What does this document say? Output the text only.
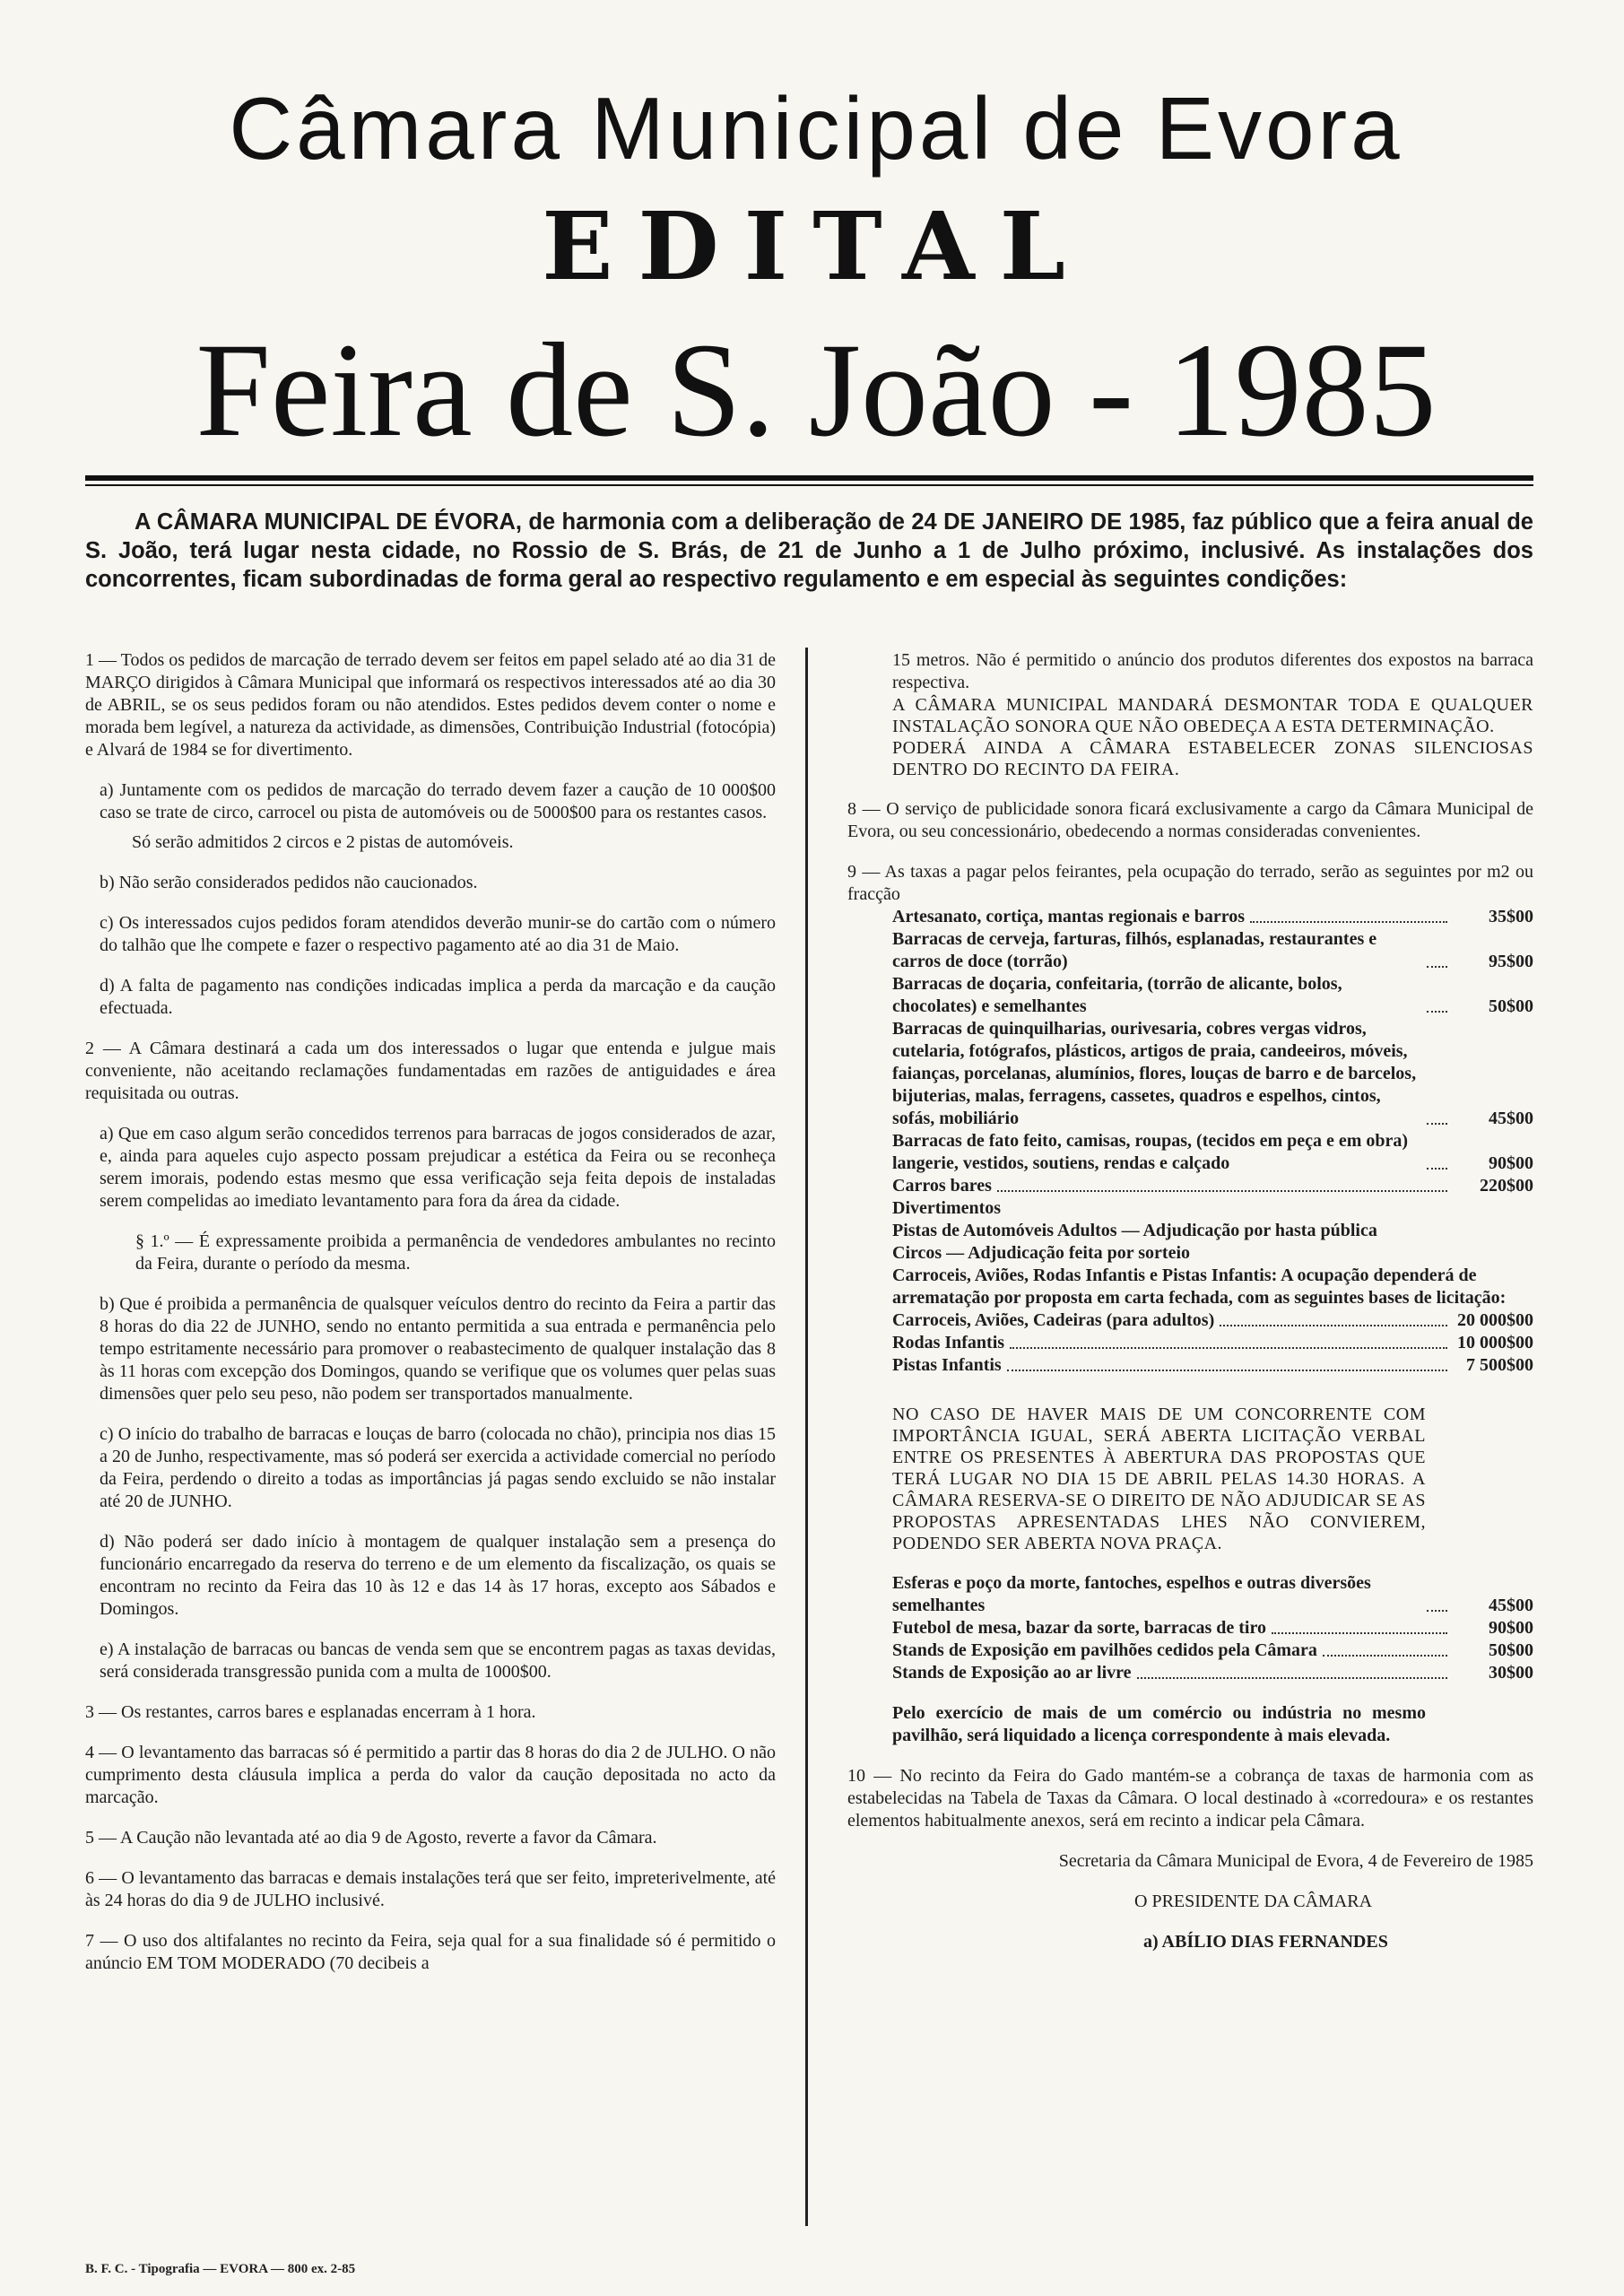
Câmara Municipal de Evora
EDITAL
Feira de S. João - 1985
A CÂMARA MUNICIPAL DE ÉVORA, de harmonia com a deliberação de 24 DE JANEIRO DE 1985, faz público que a feira anual de S. João, terá lugar nesta cidade, no Rossio de S. Brás, de 21 de Junho a 1 de Julho próximo, inclusivé. As instalações dos concorrentes, ficam subordinadas de forma geral ao respectivo regulamento e em especial às seguintes condições:
1 — Todos os pedidos de marcação de terrado devem ser feitos em papel selado até ao dia 31 de MARÇO dirigidos à Câmara Municipal que informará os respectivos interessados até ao dia 30 de ABRIL, se os seus pedidos foram ou não atendidos. Estes pedidos devem conter o nome e morada bem legível, a natureza da actividade, as dimensões, Contribuição Industrial (fotocópia) e Alvará de 1984 se for divertimento.
a) Juntamente com os pedidos de marcação do terrado devem fazer a caução de 10 000$00 caso se trate de circo, carrocel ou pista de automóveis ou de 5000$00 para os restantes casos.
Só serão admitidos 2 circos e 2 pistas de automóveis.
b) Não serão considerados pedidos não caucionados.
c) Os interessados cujos pedidos foram atendidos deverão munir-se do cartão com o número do talhão que lhe compete e fazer o respectivo pagamento até ao dia 31 de Maio.
d) A falta de pagamento nas condições indicadas implica a perda da marcação e da caução efectuada.
2 — A Câmara destinará a cada um dos interessados o lugar que entenda e julgue mais conveniente, não aceitando reclamações fundamentadas em razões de antiguidades e área requisitada ou outras.
a) Que em caso algum serão concedidos terrenos para barracas de jogos considerados de azar, e, ainda para aqueles cujo aspecto possam prejudicar a estética da Feira ou se reconheça serem imorais, podendo estas mesmo que essa verificação seja feita depois de instaladas serem compelidas ao imediato levantamento para fora da área da cidade.
§ 1.º — É expressamente proibida a permanência de vendedores ambulantes no recinto da Feira, durante o período da mesma.
b) Que é proibida a permanência de qualsquer veículos dentro do recinto da Feira a partir das 8 horas do dia 22 de JUNHO, sendo no entanto permitida a sua entrada e permanência pelo tempo estritamente necessário para promover o reabastecimento de qualquer instalação das 8 às 11 horas com excepção dos Domingos, quando se verifique que os volumes quer pelas suas dimensões quer pelo seu peso, não podem ser transportados manualmente.
c) O início do trabalho de barracas e louças de barro (colocada no chão), principia nos dias 15 a 20 de Junho, respectivamente, mas só poderá ser exercida a actividade comercial no período da Feira, perdendo o direito a todas as importâncias já pagas sendo excluido se não instalar até 20 de JUNHO.
d) Não poderá ser dado início à montagem de qualquer instalação sem a presença do funcionário encarregado da reserva do terreno e de um elemento da fiscalização, os quais se encontram no recinto da Feira das 10 às 12 e das 14 às 17 horas, excepto aos Sábados e Domingos.
e) A instalação de barracas ou bancas de venda sem que se encontrem pagas as taxas devidas, será considerada transgressão punida com a multa de 1000$00.
3 — Os restantes, carros bares e esplanadas encerram à 1 hora.
4 — O levantamento das barracas só é permitido a partir das 8 horas do dia 2 de JULHO. O não cumprimento desta cláusula implica a perda do valor da caução depositada no acto da marcação.
5 — A Caução não levantada até ao dia 9 de Agosto, reverte a favor da Câmara.
6 — O levantamento das barracas e demais instalações terá que ser feito, impreterivelmente, até às 24 horas do dia 9 de JULHO inclusivé.
7 — O uso dos altifalantes no recinto da Feira, seja qual for a sua finalidade só é permitido o anúncio EM TOM MODERADO (70 decibeis a
15 metros. Não é permitido o anúncio dos produtos diferentes dos expostos na barraca respectiva.
A CÂMARA MUNICIPAL MANDARÁ DESMONTAR TODA E QUALQUER INSTALAÇÃO SONORA QUE NÃO OBEDEÇA A ESTA DETERMINAÇÃO.
PODERÁ AINDA A CÂMARA ESTABELECER ZONAS SILENCIOSAS DENTRO DO RECINTO DA FEIRA.
8 — O serviço de publicidade sonora ficará exclusivamente a cargo da Câmara Municipal de Evora, ou seu concessionário, obedecendo a normas consideradas convenientes.
9 — As taxas a pagar pelos feirantes, pela ocupação do terrado, serão as seguintes por m2 ou fracção
Artesanato, cortiça, mantas regionais e barros	35$00
Barracas de cerveja, farturas, filhós, esplanadas, restaurantes e carros de doce (torrão)	95$00
Barracas de doçaria, confeitaria, (torrão de alicante, bolos, chocolates) e semelhantes	50$00
Barracas de quinquilharias, ourivesaria, cobres vergas vidros, cutelaria, fotógrafos, plásticos, artigos de praia, candeeiros, móveis, faianças, porcelanas, alumínios, flores, louças de barro e de barcelos, bijuterias, malas, ferragens, cassetes, quadros e espelhos, cintos, sofás, mobiliário	45$00
Barracas de fato feito, camisas, roupas, (tecidos em peça e em obra) langerie, vestidos, soutiens, rendas e calçado	90$00
Carros bares	220$00
Divertimentos
Pistas de Automóveis Adultos — Adjudicação por hasta pública
Circos — Adjudicação feita por sorteio
Carroceis, Aviões, Rodas Infantis e Pistas Infantis: A ocupação dependerá de arrematação por proposta em carta fechada, com as seguintes bases de licitação:
Carroceis, Aviões, Cadeiras (para adultos)	20 000$00
Rodas Infantis	10 000$00
Pistas Infantis	7 500$00
NO CASO DE HAVER MAIS DE UM CONCORRENTE COM IMPORTÂNCIA IGUAL, SERÁ ABERTA LICITAÇÃO VERBAL ENTRE OS PRESENTES À ABERTURA DAS PROPOSTAS QUE TERÁ LUGAR NO DIA 15 DE ABRIL PELAS 14.30 HORAS. A CÂMARA RESERVA-SE O DIREITO DE NÃO ADJUDICAR SE AS PROPOSTAS APRESENTADAS LHES NÃO CONVIEREM, PODENDO SER ABERTA NOVA PRAÇA.
Esferas e poço da morte, fantoches, espelhos e outras diversões semelhantes	45$00
Futebol de mesa, bazar da sorte, barracas de tiro	90$00
Stands de Exposição em pavilhões cedidos pela Câmara	50$00
Stands de Exposição ao ar livre	30$00
Pelo exercício de mais de um comércio ou indústria no mesmo pavilhão, será liquidado a licença correspondente à mais elevada.
10 — No recinto da Feira do Gado mantém-se a cobrança de taxas de harmonia com as estabelecidas na Tabela de Taxas da Câmara. O local destinado à «corredoura» e os restantes elementos habitualmente anexos, será em recinto a indicar pela Câmara.
Secretaria da Câmara Municipal de Evora, 4 de Fevereiro de 1985
O PRESIDENTE DA CÂMARA
a) ABÍLIO DIAS FERNANDES
B. F. C. - Tipografia — EVORA — 800 ex. 2-85
